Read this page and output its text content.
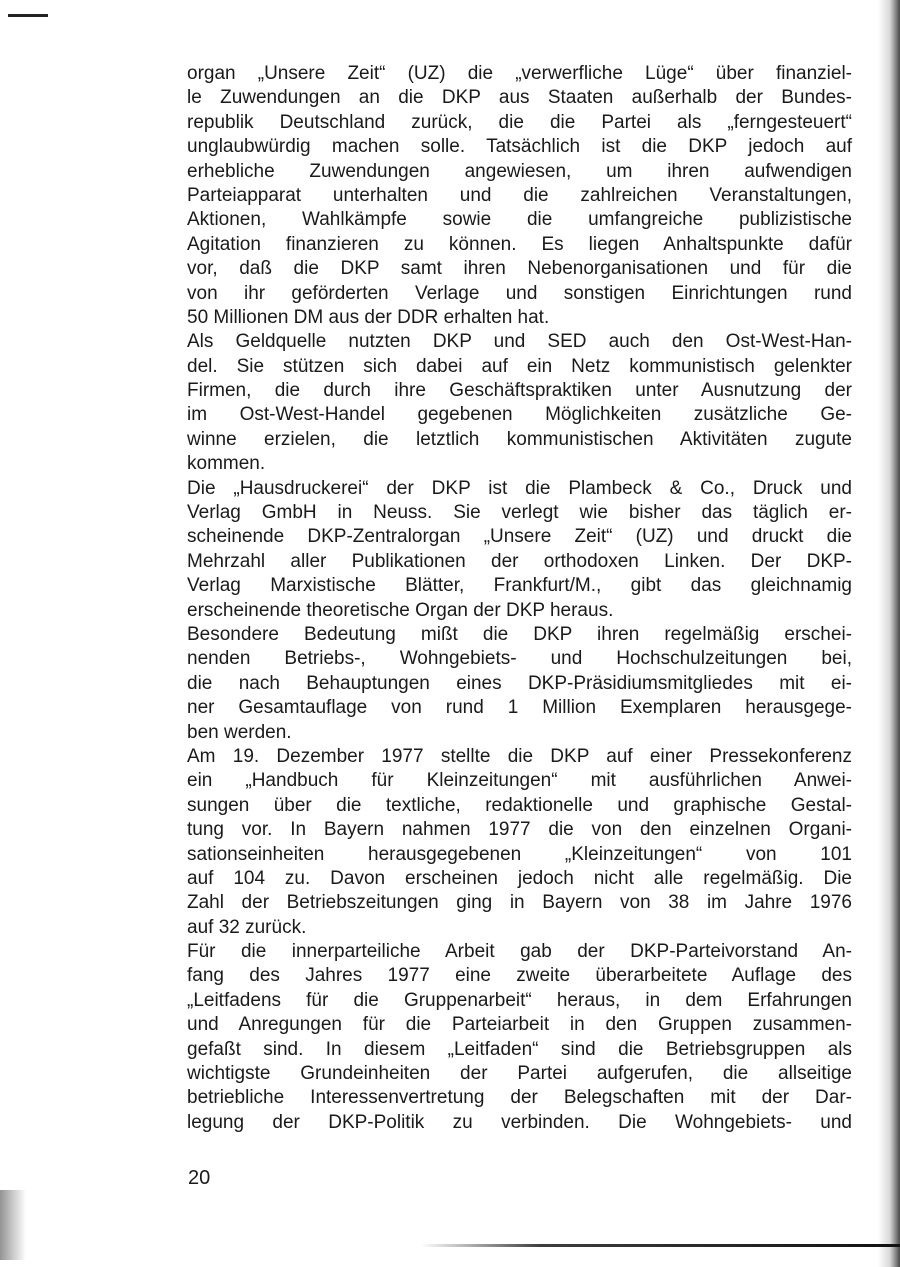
organ „Unsere Zeit“ (UZ) die „verwerfliche Lüge“ über finanziel-
le Zuwendungen an die DKP aus Staaten außerhalb der Bundes-
republik Deutschland zurück, die die Partei als „ferngesteuert“
unglaubwürdig machen solle. Tatsächlich ist die DKP jedoch auf
erhebliche Zuwendungen angewiesen, um ihren aufwendigen
Parteiapparat unterhalten und die zahlreichen Veranstaltungen,
Aktionen, Wahlkämpfe sowie die umfangreiche publizistische
Agitation finanzieren zu können. Es liegen Anhaltspunkte dafür
vor, daß die DKP samt ihren Nebenorganisationen und für die
von ihr geförderten Verlage und sonstigen Einrichtungen rund
50 Millionen DM aus der DDR erhalten hat.
Als Geldquelle nutzten DKP und SED auch den Ost-West-Han-
del. Sie stützen sich dabei auf ein Netz kommunistisch gelenkter
Firmen, die durch ihre Geschäftspraktiken unter Ausnutzung der
im Ost-West-Handel gegebenen Möglichkeiten zusätzliche Ge-
winne erzielen, die letztlich kommunistischen Aktivitäten zugute
kommen.
Die „Hausdruckerei“ der DKP ist die Plambeck & Co., Druck und
Verlag GmbH in Neuss. Sie verlegt wie bisher das täglich er-
scheinende DKP-Zentralorgan „Unsere Zeit“ (UZ) und druckt die
Mehrzahl aller Publikationen der orthodoxen Linken. Der DKP-
Verlag Marxistische Blätter, Frankfurt/M., gibt das gleichnamig
erscheinende theoretische Organ der DKP heraus.
Besondere Bedeutung mißt die DKP ihren regelmäßig erschei-
nenden Betriebs-, Wohngebiets- und Hochschulzeitungen bei,
die nach Behauptungen eines DKP-Präsidiumsmitgliedes mit ei-
ner Gesamtauflage von rund 1 Million Exemplaren herausgege-
ben werden.
Am 19. Dezember 1977 stellte die DKP auf einer Pressekonferenz
ein „Handbuch für Kleinzeitungen“ mit ausführlichen Anwei-
sungen über die textliche, redaktionelle und graphische Gestal-
tung vor. In Bayern nahmen 1977 die von den einzelnen Organi-
sationseinheiten herausgegebenen „Kleinzeitungen“ von 101
auf 104 zu. Davon erscheinen jedoch nicht alle regelmäßig. Die
Zahl der Betriebszeitungen ging in Bayern von 38 im Jahre 1976
auf 32 zurück.
Für die innerparteiliche Arbeit gab der DKP-Parteivorstand An-
fang des Jahres 1977 eine zweite überarbeitete Auflage des
„Leitfadens für die Gruppenarbeit“ heraus, in dem Erfahrungen
und Anregungen für die Parteiarbeit in den Gruppen zusammen-
gefaßt sind. In diesem „Leitfaden“ sind die Betriebsgruppen als
wichtigste Grundeinheiten der Partei aufgerufen, die allseitige
betriebliche Interessenvertretung der Belegschaften mit der Dar-
legung der DKP-Politik zu verbinden. Die Wohngebiets- und
20
